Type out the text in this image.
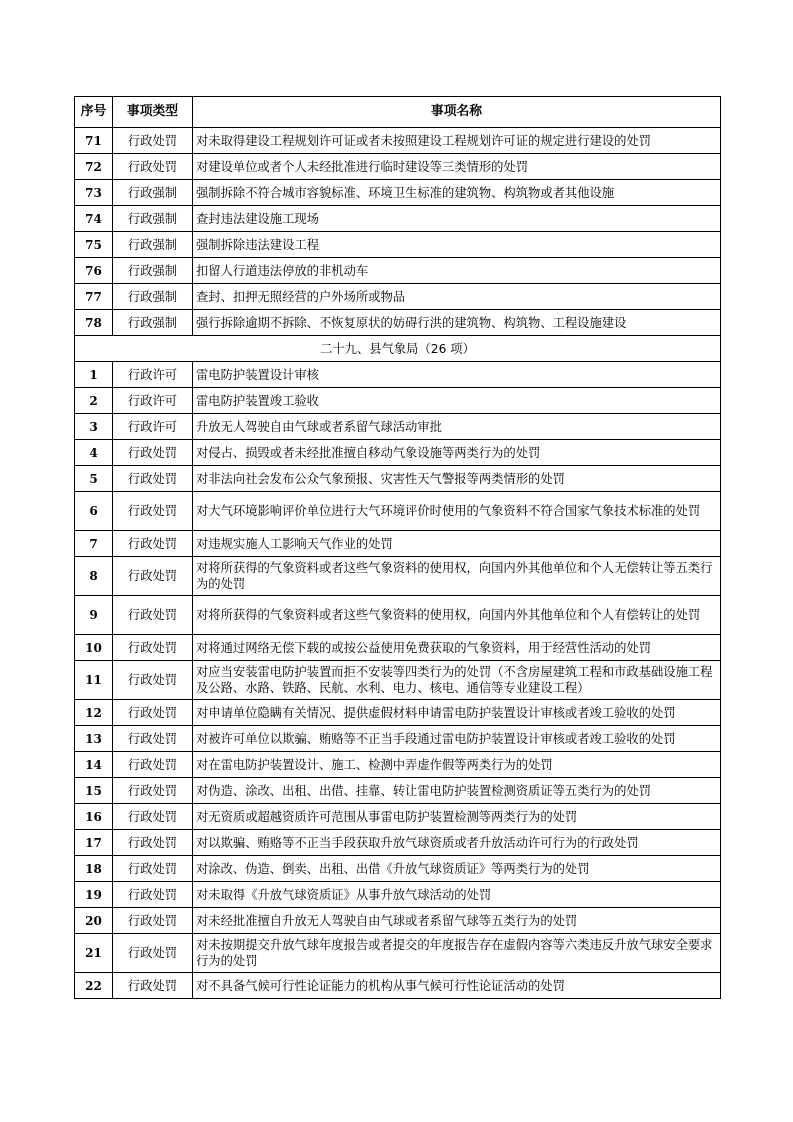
序号	事项类型	事项名称
71	行政处罚	对未取得建设工程规划许可证或者未按照建设工程规划许可证的规定进行建设的处罚
72	行政处罚	对建设单位或者个人未经批准进行临时建设等三类情形的处罚
73	行政强制	强制拆除不符合城市容貌标准、环境卫生标准的建筑物、构筑物或者其他设施
74	行政强制	查封违法建设施工现场
75	行政强制	强制拆除违法建设工程
76	行政强制	扣留人行道违法停放的非机动车
77	行政强制	查封、扣押无照经营的户外场所或物品
78	行政强制	强行拆除逾期不拆除、不恢复原状的妨碍行洪的建筑物、构筑物、工程设施建设
二十九、县气象局（26 项）		
1	行政许可	雷电防护装置设计审核
2	行政许可	雷电防护装置竣工验收
3	行政许可	升放无人驾驶自由气球或者系留气球活动审批
4	行政处罚	对侵占、损毁或者未经批准擅自移动气象设施等两类行为的处罚
5	行政处罚	对非法向社会发布公众气象预报、灾害性天气警报等两类情形的处罚
6	行政处罚	对大气环境影响评价单位进行大气环境评价时使用的气象资料不符合国家气象技术标准的处罚
7	行政处罚	对违规实施人工影响天气作业的处罚
8	行政处罚	对将所获得的气象资料或者这些气象资料的使用权，向国内外其他单位和个人无偿转让等五类行为的处罚
9	行政处罚	对将所获得的气象资料或者这些气象资料的使用权，向国内外其他单位和个人有偿转让的处罚
10	行政处罚	对将通过网络无偿下载的或按公益使用免费获取的气象资料，用于经营性活动的处罚
11	行政处罚	对应当安装雷电防护装置而拒不安装等四类行为的处罚（不含房屋建筑工程和市政基础设施工程及公路、水路、铁路、民航、水利、电力、核电、通信等专业建设工程）
12	行政处罚	对申请单位隐瞒有关情况、提供虚假材料申请雷电防护装置设计审核或者竣工验收的处罚
13	行政处罚	对被许可单位以欺骗、贿赂等不正当手段通过雷电防护装置设计审核或者竣工验收的处罚
14	行政处罚	对在雷电防护装置设计、施工、检测中弄虚作假等两类行为的处罚
15	行政处罚	对伪造、涂改、出租、出借、挂靠、转让雷电防护装置检测资质证等五类行为的处罚
16	行政处罚	对无资质或超越资质许可范围从事雷电防护装置检测等两类行为的处罚
17	行政处罚	对以欺骗、贿赂等不正当手段获取升放气球资质或者升放活动许可行为的行政处罚
18	行政处罚	对涂改、伪造、倒卖、出租、出借《升放气球资质证》等两类行为的处罚
19	行政处罚	对未取得《升放气球资质证》从事升放气球活动的处罚
20	行政处罚	对未经批准擅自升放无人驾驶自由气球或者系留气球等五类行为的处罚
21	行政处罚	对未按期提交升放气球年度报告或者提交的年度报告存在虚假内容等六类违反升放气球安全要求行为的处罚
22	行政处罚	对不具备气候可行性论证能力的机构从事气候可行性论证活动的处罚
